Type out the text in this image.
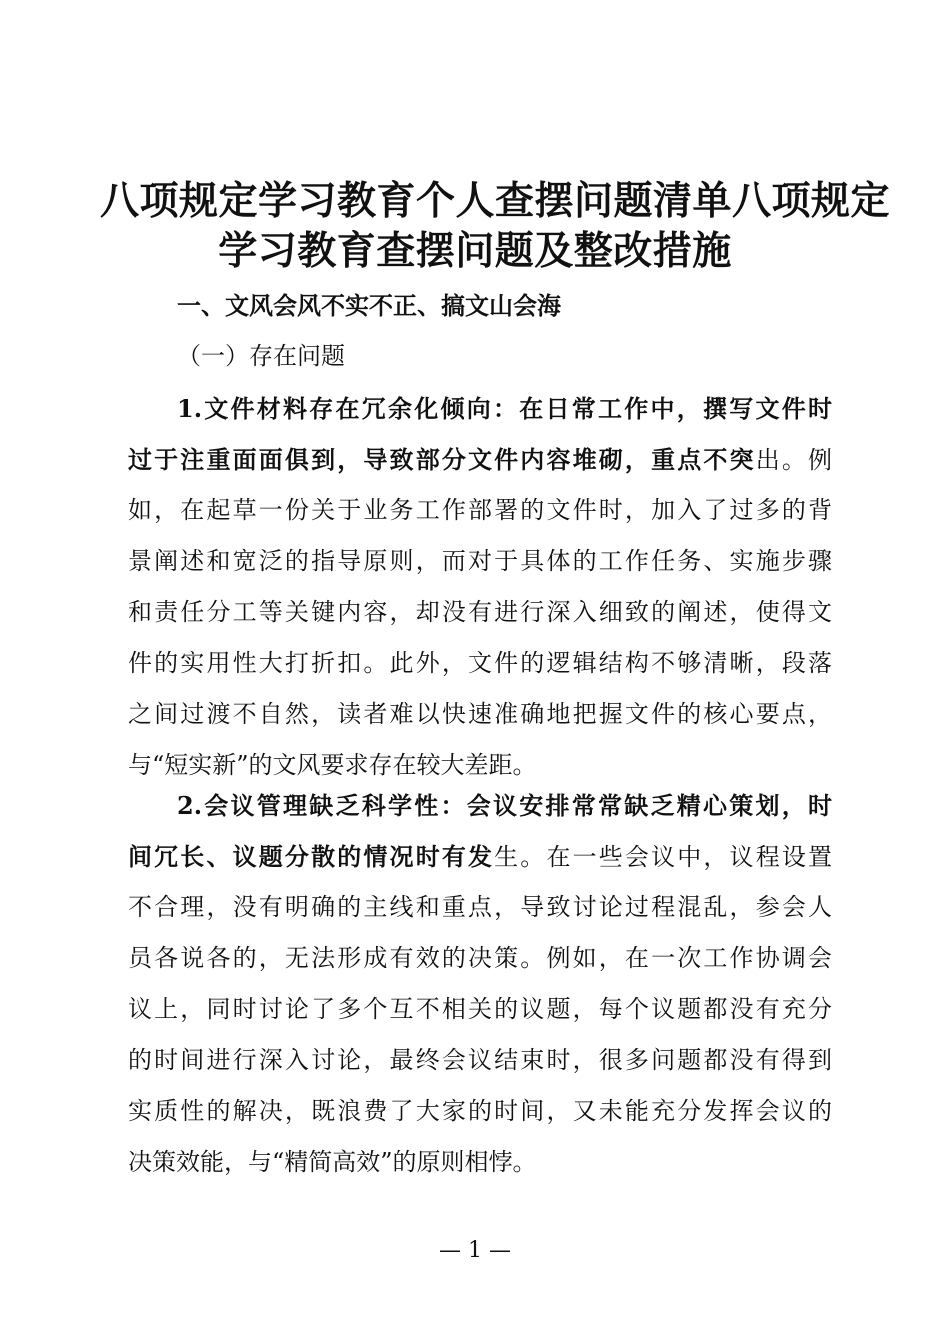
八项规定学习教育个人查摆问题清单八项规定
学习教育查摆问题及整改措施
一、文风会风不实不正、搞文山会海
（一）存在问题
1.文件材料存在冗余化倾向：在日常工作中，撰写文件时
过于注重面面俱到，导致部分文件内容堆砌，重点不突出。例
如，在起草一份关于业务工作部署的文件时，加入了过多的背
景阐述和宽泛的指导原则，而对于具体的工作任务、实施步骤
和责任分工等关键内容，却没有进行深入细致的阐述，使得文
件的实用性大打折扣。此外，文件的逻辑结构不够清晰，段落
之间过渡不自然，读者难以快速准确地把握文件的核心要点，
与“短实新”的文风要求存在较大差距。
2.会议管理缺乏科学性：会议安排常常缺乏精心策划，时
间冗长、议题分散的情况时有发生。在一些会议中，议程设置
不合理，没有明确的主线和重点，导致讨论过程混乱，参会人
员各说各的，无法形成有效的决策。例如，在一次工作协调会
议上，同时讨论了多个互不相关的议题，每个议题都没有充分
的时间进行深入讨论，最终会议结束时，很多问题都没有得到
实质性的解决，既浪费了大家的时间，又未能充分发挥会议的
决策效能，与“精简高效”的原则相悖。
— 1 —
